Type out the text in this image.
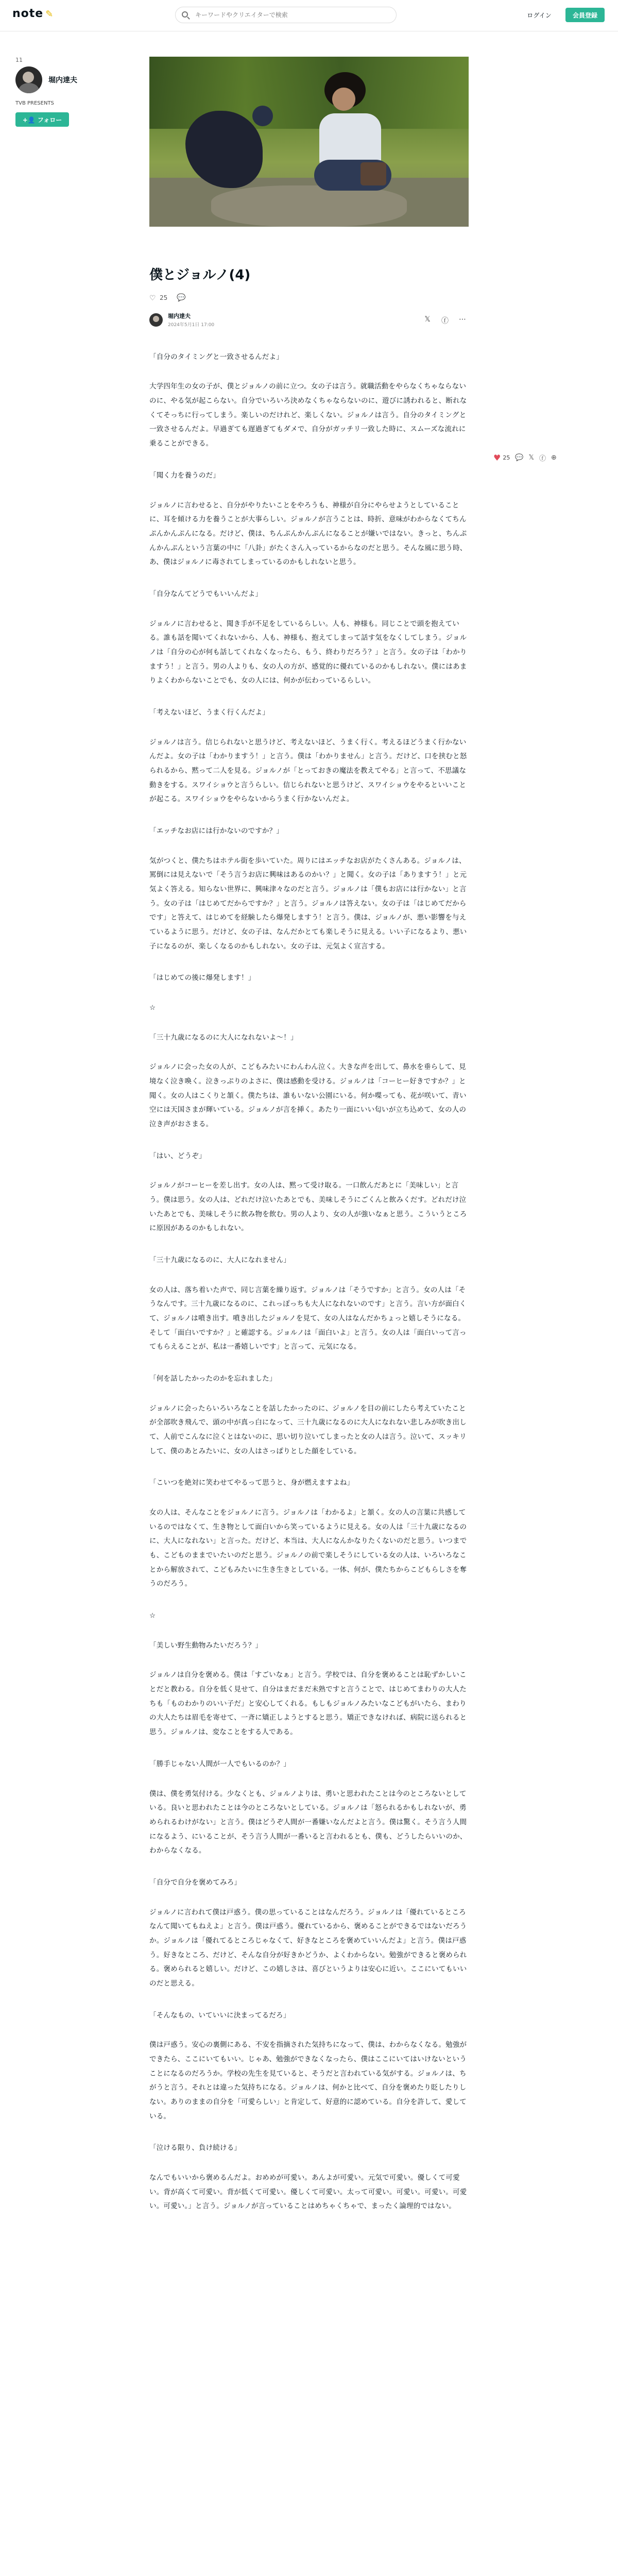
note ✎
キーワードやクリエイターで検索	ログイン	会員登録
11
堀内達夫
TVB PRESENTS
+👤 フォロー
僕とジョルノ(4)
♡ 25 💬
堀内達夫
2024年5月1日 17:00
𝕏 ⓕ ⋯

「自分のタイミングと一致させるんだよ」

大学四年生の女の子が、僕とジョルノの前に立つ。女の子は言う。就職活動をやらなくちゃならないのに、やる気が起こらない。自分でいろいろ決めなくちゃならないのに、遊びに誘われると、断れなくてそっちに行ってしまう。楽しいのだけれど、楽しくない。ジョルノは言う。自分のタイミングと一致させるんだよ。早過ぎても遅過ぎてもダメで、自分がガッチリ一致した時に、スムーズな流れに乗ることができる。

「聞く力を養うのだ」

ジョルノに言わせると、自分がやりたいことをやろうも、神様が自分にやらせようとしていることに、耳を傾ける力を養うことが大事らしい。ジョルノが言うことは、時折、意味がわからなくてちんぷんかんぷんになる。だけど、僕は、ちんぷんかんぷんになることが嫌いではない。きっと、ちんぷんかんぷんという言葉の中に「八卦」がたくさん入っているからなのだと思う。そんな風に思う時、あ、僕はジョルノに毒されてしまっているのかもしれないと思う。

「自分なんてどうでもいいんだよ」

ジョルノに言わせると、聞き手が不足をしているらしい。人も、神様も。同じことで頭を抱えている。誰も話を聞いてくれないから、人も、神様も、抱えてしまって話す気をなくしてしまう。ジョルノは「自分の心が何も話してくれなくなったら、もう、終わりだろう？」と言う。女の子は「わかりますう！」と言う。男の人よりも、女の人の方が、感覚的に優れているのかもしれない。僕にはあまりよくわからないことでも、女の人には、何かが伝わっているらしい。

「考えないほど、うまく行くんだよ」

ジョルノは言う。信じられないと思うけど、考えないほど、うまく行く。考えるほどうまく行かないんだよ。女の子は「わかりますう！」と言う。僕は「わかりません」と言う。だけど、口を挟むと怒られるから、黙って二人を見る。ジョルノが「とっておきの魔法を教えてやる」と言って、不思議な動きをする。スワイショウと言うらしい。信じられないと思うけど、スワイショウをやるといいことが起こる。スワイショウをやらないからうまく行かないんだよ。

「エッチなお店には行かないのですか？」

気がつくと、僕たちはホテル街を歩いていた。周りにはエッチなお店がたくさんある。ジョルノは、罵倒には見えないで「そう言うお店に興味はあるのかい？」と聞く。女の子は「ありますう！」と元気よく答える。知らない世界に、興味津々なのだと言う。ジョルノは「僕もお店には行かない」と言う。女の子は「はじめてだからですか？」と言う。ジョルノは答えない。女の子は「はじめてだからです」と答えて、はじめてを経験したら爆発しますう！と言う。僕は、ジョルノが、悪い影響を与えているように思う。だけど、女の子は、なんだかとても楽しそうに見える。いい子になるより、悪い子になるのが、楽しくなるのかもしれない。女の子は、元気よく宣言する。

「はじめての後に爆発します！」

☆

「三十九歳になるのに大人になれないよ～！」

ジョルノに会った女の人が、こどもみたいにわんわん泣く。大きな声を出して、鼻水を垂らして、見境なく泣き喚く。泣きっぷりのよさに、僕は感動を受ける。ジョルノは「コーヒー好きですか？」と聞く。女の人はこくりと頷く。僕たちは、誰もいない公園にいる。何か喋っても、花が咲いて、青い空には天国さまが輝いている。ジョルノが言を挿く。あたり一面にいい匂いが立ち込めて、女の人の泣き声がおさまる。

「はい、どうぞ」

ジョルノがコーヒーを差し出す。女の人は、黙って受け取る。一口飲んだあとに「美味しい」と言う。僕は思う。女の人は、どれだけ泣いたあとでも、美味しそうにごくんと飲みくだす。どれだけ泣いたあとでも、美味しそうに飲み物を飲む。男の人より、女の人が強いなぁと思う。こういうところに原因があるのかもしれない。

「三十九歳になるのに、大人になれません」

女の人は、落ち着いた声で、同じ言葉を繰り返す。ジョルノは「そうですか」と言う。女の人は「そうなんです。三十九歳になるのに、これっぽっちも大人になれないのです」と言う。言い方が面白くて、ジョルノは噴き出す。噴き出したジョルノを見て、女の人はなんだかちょっと嬉しそうになる。そして「面白いですか？」と確認する。ジョルノは「面白いよ」と言う。女の人は「面白いって言ってもらえることが、私は一番嬉しいです」と言って、元気になる。

「何を話したかったのかを忘れました」

ジョルノに会ったらいろいろなことを話したかったのに、ジョルノを目の前にしたら考えていたことが全部吹き飛んで、頭の中が真っ白になって、三十九歳になるのに大人になれない悲しみが吹き出して、人前でこんなに泣くとはないのに、思い切り泣いてしまったと女の人は言う。泣いて、スッキリして、僕のあとみたいに、女の人はさっぱりとした顔をしている。

「こいつを絶対に笑わせてやるって思うと、身が燃えますよね」

女の人は、そんなことをジョルノに言う。ジョルノは「わかるよ」と頷く。女の人の言葉に共感しているのではなくて、生き物として面白いから笑っているように見える。女の人は「三十九歳になるのに、大人になれない」と言った。だけど、本当は、大人になんかなりたくないのだと思う。いつまでも、こどものままでいたいのだと思う。ジョルノの前で楽しそうにしている女の人は、いろいろなことから解放されて、こどもみたいに生き生きとしている。一体、何が、僕たちからこどもらしさを奪うのだろう。

☆

「美しい野生動物みたいだろう？」

ジョルノは自分を褒める。僕は「すごいなぁ」と言う。学校では、自分を褒めることは恥ずかしいことだと教わる。自分を低く見せて、自分はまだまだ未熟ですと言うことで、はじめてまわりの大人たちも「ものわかりのいい子だ」と安心してくれる。もしもジョルノみたいなこどもがいたら、まわりの大人たちは眉毛を寄せて、一斉に矯正しようとすると思う。矯正できなければ、病院に送られると思う。ジョルノは、変なことをする人である。

「勝手じゃない人間が一人でもいるのか？」

僕は、僕を勇気付ける。少なくとも、ジョルノよりは、勇いと思われたことは今のところないとしている。良いと思われたことは今のところないとしている。ジョルノは「怒られるかもしれないが、勇められるわけがない」と言う。僕はどうぞ人間が一番嫌いなんだよと言う。僕は驚く。そう言う人間になるよう、にいることが、そう言う人間が一番いると言われるとも、僕も、どうしたらいいのか、わからなくなる。

「自分で自分を褒めてみろ」

ジョルノに言われて僕は戸惑う。僕の思っていることはなんだろう。ジョルノは「優れているところなんて聞いてもねえよ」と言う。僕は戸惑う。優れているから、褒めることができるではないだろうか。ジョルノは「優れてるところじゃなくて、好きなところを褒めていいんだよ」と言う。僕は戸惑う。好きなところ、だけど、そんな自分が好きかどうか、よくわからない。勉強ができると褒められる。褒められると嬉しい。だけど、この嬉しさは、喜びというよりは安心に近い。ここにいてもいいのだと思える。

「そんなもの、いていいに決まってるだろ」

僕は戸惑う。安心の裏側にある、不安を指摘された気持ちになって、僕は、わからなくなる。勉強ができたら、ここにいてもいい。じゃあ、勉強ができなくなったら、僕はここにいてはいけないということになるのだろうか。学校の先生を見ていると、そうだと言われている気がする。ジョルノは、ちがうと言う。それとは違った気持ちになる。ジョルノは、何かと比べて、自分を褒めたり貶したりしない。ありのままの自分を「可愛らしい」と肯定して、好意的に認めている。自分を許して、愛している。

「泣ける限り、負け続ける」

なんでもいいから褒めるんだよ。おめめが可愛い。あんよが可愛い。元気で可愛い。優しくて可愛い。背が高くて可愛い。背が低くて可愛い。優しくて可愛い。太って可愛い。可愛い。可愛い。可愛い。可愛い。」と言う。ジョルノが言っていることはめちゃくちゃで、まったく論理的ではない。

♥ 25 💬 𝕏 ⓕ ⊕
